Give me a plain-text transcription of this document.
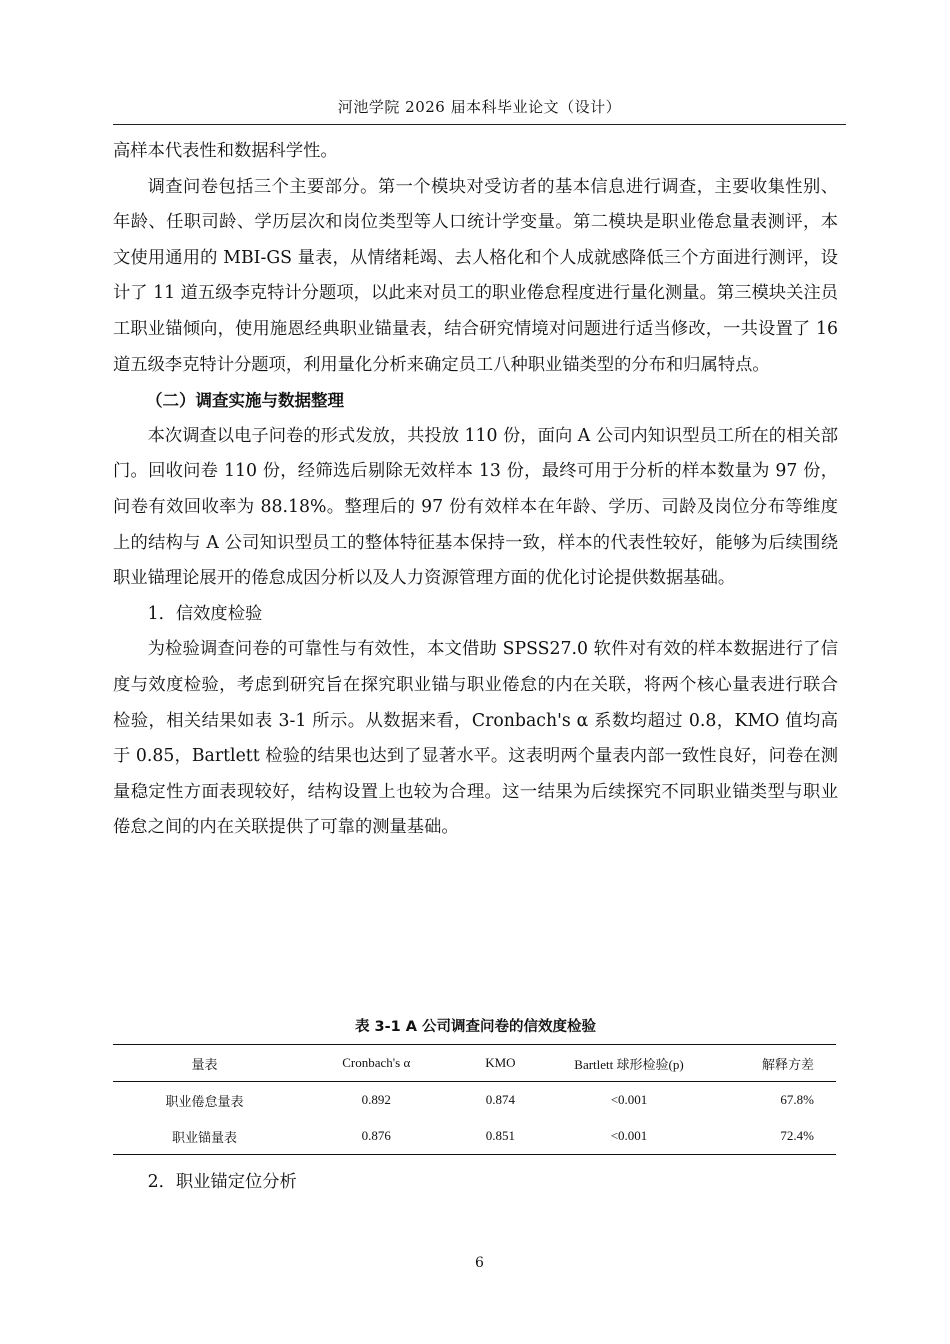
河池学院 2026 届本科毕业论文（设计）

高样本代表性和数据科学性。

调查问卷包括三个主要部分。第一个模块对受访者的基本信息进行调查，主要收集性别、年龄、任职司龄、学历层次和岗位类型等人口统计学变量。第二模块是职业倦怠量表测评，本文使用通用的 MBI-GS 量表，从情绪耗竭、去人格化和个人成就感降低三个方面进行测评，设计了 11 道五级李克特计分题项，以此来对员工的职业倦怠程度进行量化测量。第三模块关注员工职业锚倾向，使用施恩经典职业锚量表，结合研究情境对问题进行适当修改，一共设置了 16 道五级李克特计分题项，利用量化分析来确定员工八种职业锚类型的分布和归属特点。

（二）调查实施与数据整理

本次调查以电子问卷的形式发放，共投放 110 份，面向 A 公司内知识型员工所在的相关部门。回收问卷 110 份，经筛选后剔除无效样本 13 份，最终可用于分析的样本数量为 97 份，问卷有效回收率为 88.18%。整理后的 97 份有效样本在年龄、学历、司龄及岗位分布等维度上的结构与 A 公司知识型员工的整体特征基本保持一致，样本的代表性较好，能够为后续围绕职业锚理论展开的倦怠成因分析以及人力资源管理方面的优化讨论提供数据基础。

1．信效度检验

为检验调查问卷的可靠性与有效性，本文借助 SPSS27.0 软件对有效的样本数据进行了信度与效度检验，考虑到研究旨在探究职业锚与职业倦怠的内在关联，将两个核心量表进行联合检验，相关结果如表 3-1 所示。从数据来看，Cronbach's α 系数均超过 0.8，KMO 值均高于 0.85，Bartlett 检验的结果也达到了显著水平。这表明两个量表内部一致性良好，问卷在测量稳定性方面表现较好，结构设置上也较为合理。这一结果为后续探究不同职业锚类型与职业倦怠之间的内在关联提供了可靠的测量基础。

表 3-1 A 公司调查问卷的信效度检验
量表	Cronbach's α	KMO	Bartlett 球形检验(p)	解释方差
职业倦怠量表	0.892	0.874	<0.001	67.8%
职业锚量表	0.876	0.851	<0.001	72.4%

2．职业锚定位分析

6
